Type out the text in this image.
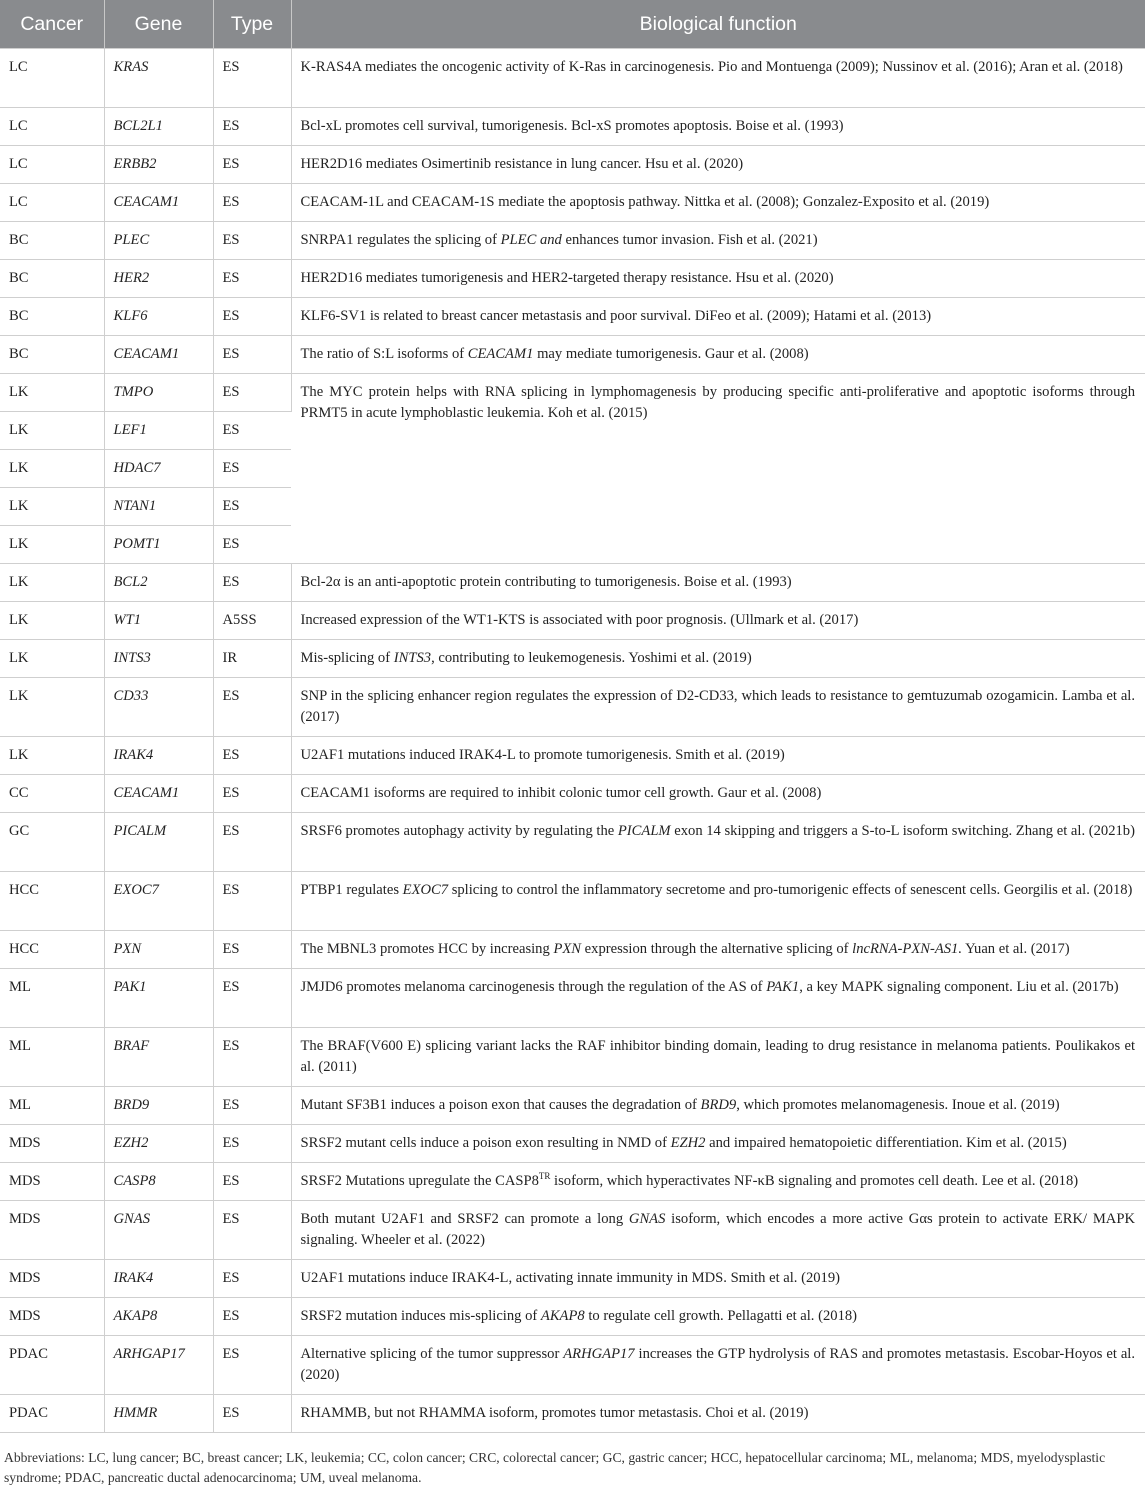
Cancer	Gene	Type	Biological function
LC	KRAS	ES	K-RAS4A mediates the oncogenic activity of K-Ras in carcinogenesis. Pio and Montuenga (2009); Nussinov et al. (2016); Aran et al. (2018)
LC	BCL2L1	ES	Bcl-xL promotes cell survival, tumorigenesis. Bcl-xS promotes apoptosis. Boise et al. (1993)
LC	ERBB2	ES	HER2D16 mediates Osimertinib resistance in lung cancer. Hsu et al. (2020)
LC	CEACAM1	ES	CEACAM-1L and CEACAM-1S mediate the apoptosis pathway. Nittka et al. (2008); Gonzalez-Exposito et al. (2019)
BC	PLEC	ES	SNRPA1 regulates the splicing of PLEC and enhances tumor invasion. Fish et al. (2021)
BC	HER2	ES	HER2D16 mediates tumorigenesis and HER2-targeted therapy resistance. Hsu et al. (2020)
BC	KLF6	ES	KLF6-SV1 is related to breast cancer metastasis and poor survival. DiFeo et al. (2009); Hatami et al. (2013)
BC	CEACAM1	ES	The ratio of S:L isoforms of CEACAM1 may mediate tumorigenesis. Gaur et al. (2008)
LK	TMPO	ES	The MYC protein helps with RNA splicing in lymphomagenesis by producing specific anti-proliferative and apoptotic isoforms through PRMT5 in acute lymphoblastic leukemia. Koh et al. (2015)
LK	LEF1	ES	
LK	HDAC7	ES	
LK	NTAN1	ES	
LK	POMT1	ES	
LK	BCL2	ES	Bcl-2α is an anti-apoptotic protein contributing to tumorigenesis. Boise et al. (1993)
LK	WT1	A5SS	Increased expression of the WT1-KTS is associated with poor prognosis. (Ullmark et al. (2017)
LK	INTS3	IR	Mis-splicing of INTS3, contributing to leukemogenesis. Yoshimi et al. (2019)
LK	CD33	ES	SNP in the splicing enhancer region regulates the expression of D2-CD33, which leads to resistance to gemtuzumab ozogamicin. Lamba et al. (2017)
LK	IRAK4	ES	U2AF1 mutations induced IRAK4-L to promote tumorigenesis. Smith et al. (2019)
CC	CEACAM1	ES	CEACAM1 isoforms are required to inhibit colonic tumor cell growth. Gaur et al. (2008)
GC	PICALM	ES	SRSF6 promotes autophagy activity by regulating the PICALM exon 14 skipping and triggers a S-to-L isoform switching. Zhang et al. (2021b)
HCC	EXOC7	ES	PTBP1 regulates EXOC7 splicing to control the inflammatory secretome and pro-tumorigenic effects of senescent cells. Georgilis et al. (2018)
HCC	PXN	ES	The MBNL3 promotes HCC by increasing PXN expression through the alternative splicing of lncRNA-PXN-AS1. Yuan et al. (2017)
ML	PAK1	ES	JMJD6 promotes melanoma carcinogenesis through the regulation of the AS of PAK1, a key MAPK signaling component. Liu et al. (2017b)
ML	BRAF	ES	The BRAF(V600 E) splicing variant lacks the RAF inhibitor binding domain, leading to drug resistance in melanoma patients. Poulikakos et al. (2011)
ML	BRD9	ES	Mutant SF3B1 induces a poison exon that causes the degradation of BRD9, which promotes melanomagenesis. Inoue et al. (2019)
MDS	EZH2	ES	SRSF2 mutant cells induce a poison exon resulting in NMD of EZH2 and impaired hematopoietic differentiation. Kim et al. (2015)
MDS	CASP8	ES	SRSF2 Mutations upregulate the $CASP8^{TR}$ isoform, which hyperactivates NF-κB signaling and promotes cell death. Lee et al. (2018)
MDS	GNAS	ES	Both mutant U2AF1 and SRSF2 can promote a long GNAS isoform, which encodes a more active Gαs protein to activate ERK/ MAPK signaling. Wheeler et al. (2022)
MDS	IRAK4	ES	U2AF1 mutations induce IRAK4-L, activating innate immunity in MDS. Smith et al. (2019)
MDS	AKAP8	ES	SRSF2 mutation induces mis-splicing of AKAP8 to regulate cell growth. Pellagatti et al. (2018)
PDAC	ARHGAP17	ES	Alternative splicing of the tumor suppressor ARHGAP17 increases the GTP hydrolysis of RAS and promotes metastasis. Escobar-Hoyos et al. (2020)
PDAC	HMMR	ES	RHAMMB, but not RHAMMA isoform, promotes tumor metastasis. Choi et al. (2019)
Abbreviations: LC, lung cancer; BC, breast cancer; LK, leukemia; CC, colon cancer; CRC, colorectal cancer; GC, gastric cancer; HCC, hepatocellular carcinoma; ML, melanoma; MDS, myelodysplastic syndrome; PDAC, pancreatic ductal adenocarcinoma; UM, uveal melanoma.
